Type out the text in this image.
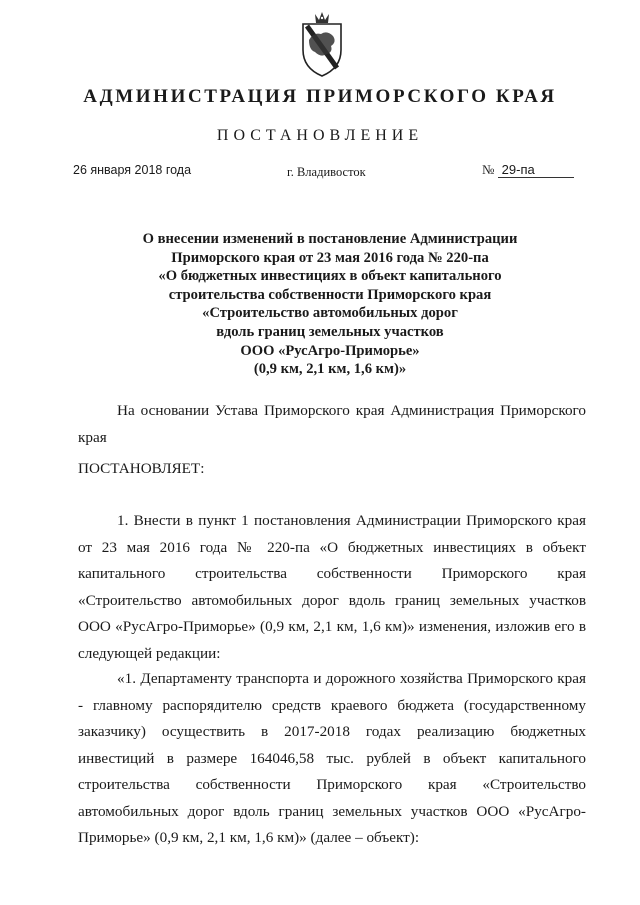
АДМИНИСТРАЦИЯ ПРИМОРСКОГО КРАЯ
ПОСТАНОВЛЕНИЕ
26 января 2018 года	г. Владивосток	№ 29-па
О внесении изменений в постановление Администрации
Приморского края от 23 мая 2016 года № 220-па
«О бюджетных инвестициях в объект капитального
строительства собственности Приморского края
«Строительство автомобильных дорог
вдоль границ земельных участков
ООО «РусАгро-Приморье»
(0,9 км, 2,1 км, 1,6 км)»

На основании Устава Приморского края Администрация Приморского края

ПОСТАНОВЛЯЕТ:

1. Внести в пункт 1 постановления Администрации Приморского края от 23 мая 2016 года № 220-па «О бюджетных инвестициях в объект капитального строительства собственности Приморского края «Строительство автомобильных дорог вдоль границ земельных участков ООО «РусАгро-Приморье» (0,9 км, 2,1 км, 1,6 км)» изменения, изложив его в следующей редакции:

«1. Департаменту транспорта и дорожного хозяйства Приморского края - главному распорядителю средств краевого бюджета (государственному заказчику) осуществить в 2017-2018 годах реализацию бюджетных инвестиций в размере 164046,58 тыс. рублей в объект капитального строительства собственности Приморского края «Строительство автомобильных дорог вдоль границ земельных участков ООО «РусАгро-Приморье» (0,9 км, 2,1 км, 1,6 км)» (далее – объект):
